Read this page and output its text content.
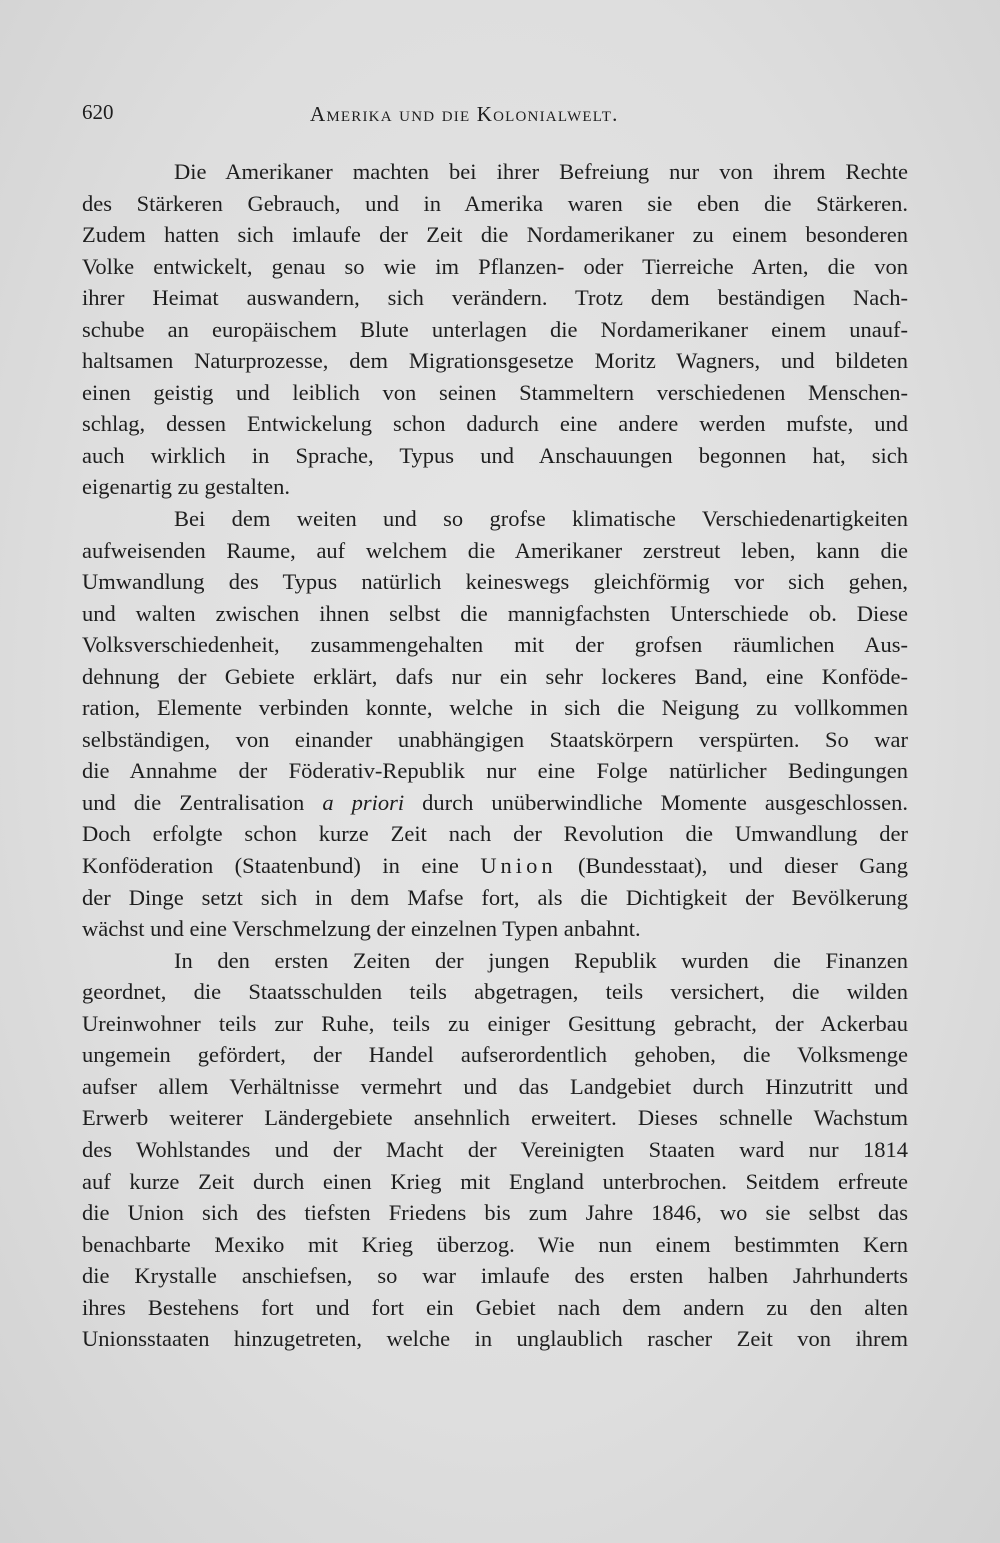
620	Amerika und die Kolonialwelt.
Die Amerikaner machten bei ihrer Befreiung nur von ihrem Rechte
des Stärkeren Gebrauch, und in Amerika waren sie eben die Stärkeren.
Zudem hatten sich imlaufe der Zeit die Nordamerikaner zu einem besonderen
Volke entwickelt, genau so wie im Pflanzen- oder Tierreiche Arten, die von
ihrer Heimat auswandern, sich verändern. Trotz dem beständigen Nach-
schube an europäischem Blute unterlagen die Nordamerikaner einem unauf-
haltsamen Naturprozesse, dem Migrationsgesetze Moritz Wagners, und bildeten
einen geistig und leiblich von seinen Stammeltern verschiedenen Menschen-
schlag, dessen Entwickelung schon dadurch eine andere werden mufste, und
auch wirklich in Sprache, Typus und Anschauungen begonnen hat, sich
eigenartig zu gestalten.
Bei dem weiten und so grofse klimatische Verschiedenartigkeiten
aufweisenden Raume, auf welchem die Amerikaner zerstreut leben, kann die
Umwandlung des Typus natürlich keineswegs gleichförmig vor sich gehen,
und walten zwischen ihnen selbst die mannigfachsten Unterschiede ob. Diese
Volksverschiedenheit, zusammengehalten mit der grofsen räumlichen Aus-
dehnung der Gebiete erklärt, dafs nur ein sehr lockeres Band, eine Konföde-
ration, Elemente verbinden konnte, welche in sich die Neigung zu vollkommen
selbständigen, von einander unabhängigen Staatskörpern verspürten. So war
die Annahme der Föderativ-Republik nur eine Folge natürlicher Bedingungen
und die Zentralisation a priori durch unüberwindliche Momente ausgeschlossen.
Doch erfolgte schon kurze Zeit nach der Revolution die Umwandlung der
Konföderation (Staatenbund) in eine Union (Bundesstaat), und dieser Gang
der Dinge setzt sich in dem Mafse fort, als die Dichtigkeit der Bevölkerung
wächst und eine Verschmelzung der einzelnen Typen anbahnt.
In den ersten Zeiten der jungen Republik wurden die Finanzen
geordnet, die Staatsschulden teils abgetragen, teils versichert, die wilden
Ureinwohner teils zur Ruhe, teils zu einiger Gesittung gebracht, der Ackerbau
ungemein gefördert, der Handel aufserordentlich gehoben, die Volksmenge
aufser allem Verhältnisse vermehrt und das Landgebiet durch Hinzutritt und
Erwerb weiterer Ländergebiete ansehnlich erweitert. Dieses schnelle Wachstum
des Wohlstandes und der Macht der Vereinigten Staaten ward nur 1814
auf kurze Zeit durch einen Krieg mit England unterbrochen. Seitdem erfreute
die Union sich des tiefsten Friedens bis zum Jahre 1846, wo sie selbst das
benachbarte Mexiko mit Krieg überzog. Wie nun einem bestimmten Kern
die Krystalle anschiefsen, so war imlaufe des ersten halben Jahrhunderts
ihres Bestehens fort und fort ein Gebiet nach dem andern zu den alten
Unionsstaaten hinzugetreten, welche in unglaublich rascher Zeit von ihrem
